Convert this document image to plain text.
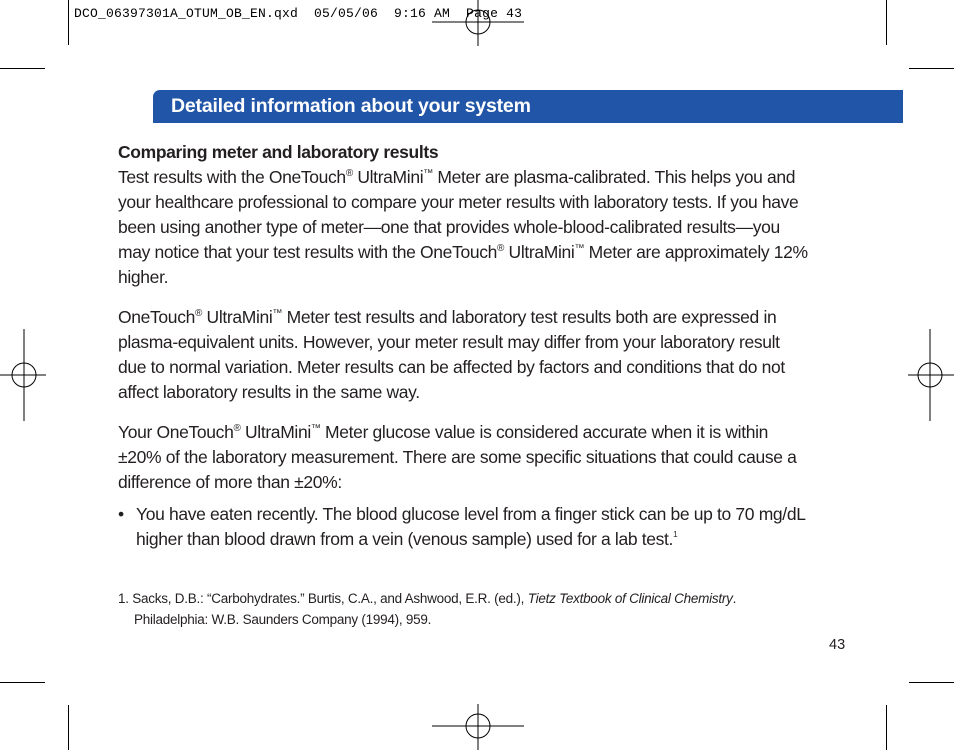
DCO_06397301A_OTUM_OB_EN.qxd  05/05/06  9:16 AM  Page 43
Detailed information about your system
Comparing meter and laboratory results

Test results with the OneTouch® UltraMini™ Meter are plasma-calibrated. This helps you and your healthcare professional to compare your meter results with laboratory tests. If you have been using another type of meter—one that provides whole-blood-calibrated results—you may notice that your test results with the OneTouch® UltraMini™ Meter are approximately 12% higher.

OneTouch® UltraMini™ Meter test results and laboratory test results both are expressed in plasma-equivalent units. However, your meter result may differ from your laboratory result due to normal variation. Meter results can be affected by factors and conditions that do not affect laboratory results in the same way.

Your OneTouch® UltraMini™ Meter glucose value is considered accurate when it is within ±20% of the laboratory measurement. There are some specific situations that could cause a difference of more than ±20%:

• You have eaten recently. The blood glucose level from a finger stick can be up to 70 mg/dL higher than blood drawn from a vein (venous sample) used for a lab test.$^1$

1. Sacks, D.B.: “Carbohydrates.” Burtis, C.A., and Ashwood, E.R. (ed.), Tietz Textbook of Clinical Chemistry.
Philadelphia: W.B. Saunders Company (1994), 959.
43
